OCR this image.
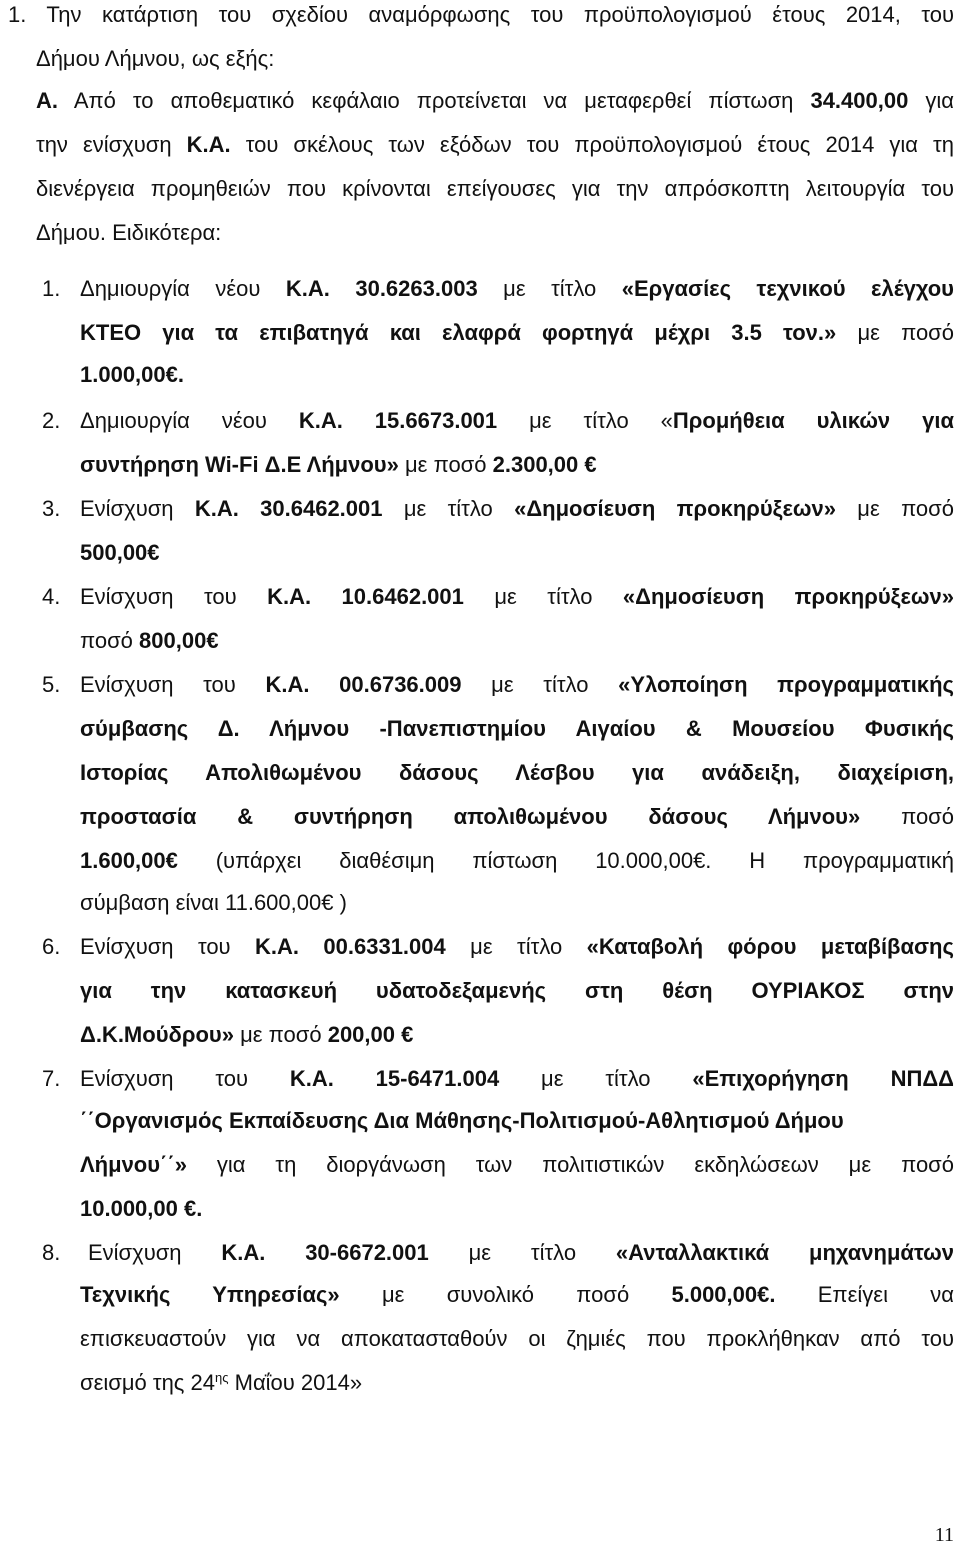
1. Την κατάρτιση του σχεδίου αναμόρφωσης του προϋπολογισμού έτους 2014, του
Δήμου Λήμνου, ως εξής:
Α. Από το αποθεματικό κεφάλαιο προτείνεται να μεταφερθεί πίστωση 34.400,00 για
την ενίσχυση Κ.Α. του σκέλους των εξόδων του προϋπολογισμού έτους 2014 για τη
διενέργεια προμηθειών που κρίνονται επείγουσες για την απρόσκοπτη λειτουργία του
Δήμου. Ειδικότερα:
1. Δημιουργία νέου Κ.Α. 30.6263.003 με τίτλο «Εργασίες τεχνικού ελέγχου
ΚΤΕΟ για τα επιβατηγά και ελαφρά φορτηγά μέχρι 3.5 τον.» με ποσό
1.000,00€.
2. Δημιουργία νέου Κ.Α. 15.6673.001 με τίτλο «Προμήθεια υλικών για
συντήρηση Wi-Fi Δ.Ε Λήμνου» με ποσό 2.300,00 €
3. Ενίσχυση Κ.Α. 30.6462.001 με τίτλο «Δημοσίευση προκηρύξεων» με ποσό
500,00€
4. Ενίσχυση του Κ.Α. 10.6462.001 με τίτλο «Δημοσίευση προκηρύξεων»
ποσό 800,00€
5. Ενίσχυση του Κ.Α. 00.6736.009 με τίτλο «Υλοποίηση προγραμματικής
σύμβασης Δ. Λήμνου -Πανεπιστημίου Αιγαίου & Μουσείου Φυσικής
Ιστορίας Απολιθωμένου δάσους Λέσβου για ανάδειξη, διαχείριση,
προστασία & συντήρηση απολιθωμένου δάσους Λήμνου» ποσό
1.600,00€ (υπάρχει διαθέσιμη πίστωση 10.000,00€. Η προγραμματική
σύμβαση είναι 11.600,00€ )
6. Ενίσχυση του Κ.Α. 00.6331.004 με τίτλο «Καταβολή φόρου μεταβίβασης
για την κατασκευή υδατοδεξαμενής στη θέση ΟΥΡΙΑΚΟΣ στην
Δ.Κ.Μούδρου» με ποσό 200,00 €
7. Ενίσχυση του Κ.Α. 15-6471.004 με τίτλο «Επιχορήγηση ΝΠΔΔ
΄΄Οργανισμός Εκπαίδευσης Δια Μάθησης-Πολιτισμού-Αθλητισμού Δήμου
Λήμνου΄΄» για τη διοργάνωση των πολιτιστικών εκδηλώσεων με ποσό
10.000,00 €.
8. Ενίσχυση Κ.Α. 30-6672.001 με τίτλο «Ανταλλακτικά μηχανημάτων
Τεχνικής Υπηρεσίας» με συνολικό ποσό 5.000,00€. Επείγει να
επισκευαστούν για να αποκατασταθούν οι ζημιές που προκλήθηκαν από του
σεισμό της $24^{\eta\varsigma}$ Μαΐου 2014»
11
